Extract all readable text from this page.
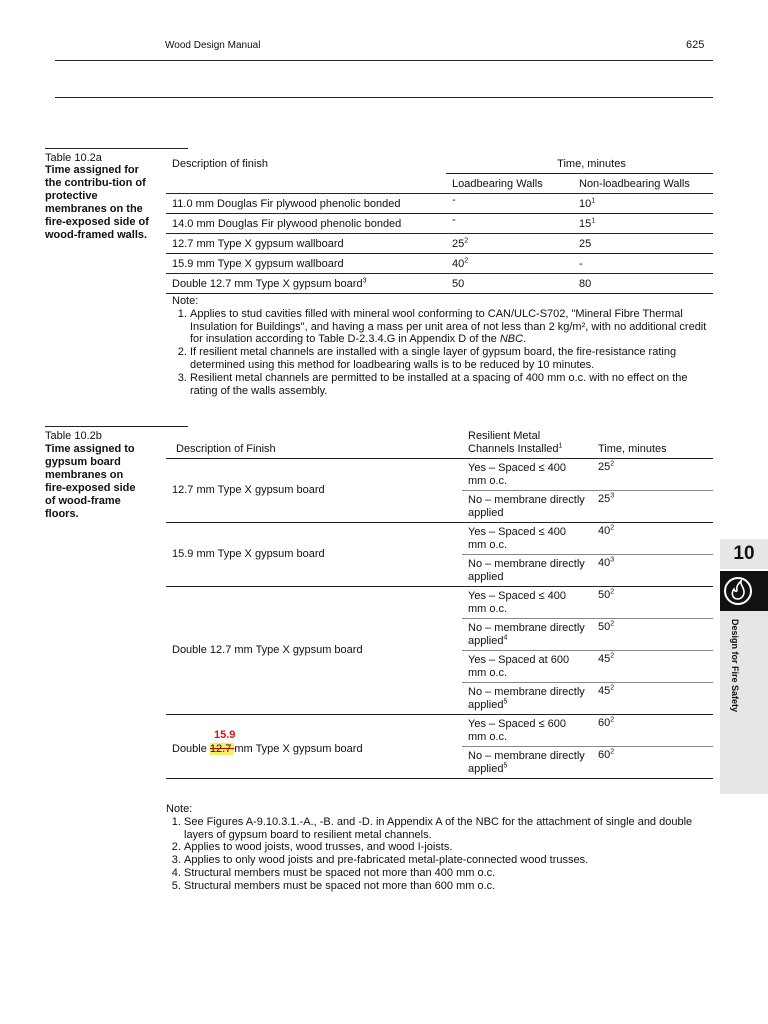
Wood Design Manual	625
Table 10.2a
Time assigned for the contribu-tion of protective membranes on the fire-exposed side of wood-framed walls.
Description of finish	Time, minutes	
	Loadbearing Walls	Non-loadbearing Walls
11.0 mm Douglas Fir plywood phenolic bonded	-	$10^1$
14.0 mm Douglas Fir plywood phenolic bonded	-	$15^1$
12.7 mm Type X gypsum wallboard	$25^2$	25
15.9 mm Type X gypsum wallboard	$40^2$	-
Double 12.7 mm Type X gypsum board$^3$	50	80
Note:
1. Applies to stud cavities filled with mineral wool conforming to CAN/ULC-S702, "Mineral Fibre Thermal Insulation for Buildings", and having a mass per unit area of not less than 2 kg/m², with no additional credit for insulation according to Table D-2.3.4.G in Appendix D of the NBC.
2. If resilient metal channels are installed with a single layer of gypsum board, the fire-resistance rating determined using this method for loadbearing walls is to be reduced by 10 minutes.
3. Resilient metal channels are permitted to be installed at a spacing of 400 mm o.c. with no effect on the rating of the walls assembly.
Table 10.2b
Time assigned to gypsum board membranes on fire-exposed side of wood-frame floors.
Description of Finish
Resilient Metal Channels Installed$^1$	Time, minutes
12.7 mm Type X gypsum board	Yes – Spaced ≤ 400 mm o.c.	$25^2$
	No – membrane directly applied	$25^3$
15.9 mm Type X gypsum board	Yes – Spaced ≤ 400 mm o.c.	$40^2$
	No – membrane directly applied	$40^3$
Double 12.7 mm Type X gypsum board	Yes – Spaced ≤ 400 mm o.c.	$50^2$
	No – membrane directly applied$^4$	$50^2$
	Yes – Spaced at 600 mm o.c.	$45^2$
	No – membrane directly applied$^5$	$45^2$

15.9
Double 12.7 mm Type X gypsum board	Yes – Spaced ≤ 600 mm o.c.	$60^2$
	No – membrane directly applied$^5$	$60^2$
Note:
1. See Figures A-9.10.3.1.-A., -B. and -D. in Appendix A of the NBC for the attachment of single and double layers of gypsum board to resilient metal channels.
2. Applies to wood joists, wood trusses, and wood I-joists.
3. Applies to only wood joists and pre-fabricated metal-plate-connected wood trusses.
4. Structural members must be spaced not more than 400 mm o.c.
5. Structural members must be spaced not more than 600 mm o.c.
10
Design for Fire Safety
